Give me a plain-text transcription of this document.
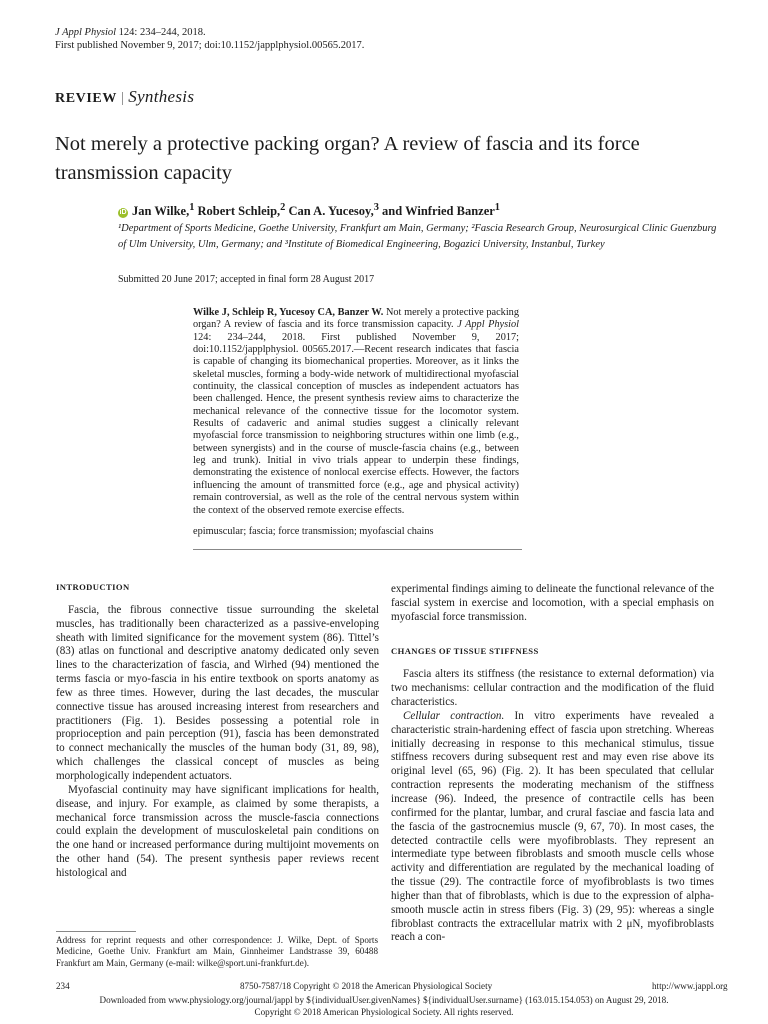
J Appl Physiol 124: 234–244, 2018.
First published November 9, 2017; doi:10.1152/japplphysiol.00565.2017.
REVIEW | Synthesis
Not merely a protective packing organ? A review of fascia and its force transmission capacity
iD Jan Wilke,$^1$ Robert Schleip,$^2$ Can A. Yucesoy,$^3$ and Winfried Banzer$^1$
¹Department of Sports Medicine, Goethe University, Frankfurt am Main, Germany; ²Fascia Research Group, Neurosurgical Clinic Guenzburg of Ulm University, Ulm, Germany; and ³Institute of Biomedical Engineering, Bogazici University, Instanbul, Turkey
Submitted 20 June 2017; accepted in final form 28 August 2017
Wilke J, Schleip R, Yucesoy CA, Banzer W. Not merely a protective packing organ? A review of fascia and its force transmission capacity. J Appl Physiol 124: 234–244, 2018. First published November 9, 2017; doi:10.1152/japplphysiol. 00565.2017.—Recent research indicates that fascia is capable of changing its biomechanical properties. Moreover, as it links the skeletal muscles, forming a body-wide network of multidirectional myofascial continuity, the classical conception of muscles as independent actuators has been challenged. Hence, the present synthesis review aims to characterize the mechanical relevance of the connective tissue for the locomotor system. Results of cadaveric and animal studies suggest a clinically relevant myofascial force transmission to neighboring structures within one limb (e.g., between synergists) and in the course of muscle-fascia chains (e.g., between leg and trunk). Initial in vivo trials appear to underpin these findings, demonstrating the existence of nonlocal exercise effects. However, the factors influencing the amount of transmitted force (e.g., age and physical activity) remain controversial, as well as the role of the central nervous system within the context of the observed remote exercise effects.
epimuscular; fascia; force transmission; myofascial chains

INTRODUCTION

Fascia, the fibrous connective tissue surrounding the skeletal muscles, has traditionally been characterized as a passive-enveloping sheath with limited significance for the movement system (86). Tittel’s (83) atlas on functional and descriptive anatomy dedicated only seven lines to the characterization of fascia, and Wirhed (94) mentioned the terms fascia or myo-fascia in his entire textbook on sports anatomy as few as three times. However, during the last decades, the muscular connective tissue has aroused increasing interest from researchers and practitioners (Fig. 1). Besides possessing a potential role in proprioception and pain perception (91), fascia has been demonstrated to connect mechanically the muscles of the human body (31, 89, 98), which challenges the classical concept of muscles as being morphologically independent actuators.

Myofascial continuity may have significant implications for health, disease, and injury. For example, as claimed by some therapists, a mechanical force transmission across the muscle-fascia connections could explain the development of musculoskeletal pain conditions on the one hand or increased performance during multijoint movements on the other hand (54). The present synthesis paper reviews recent histological and

experimental findings aiming to delineate the functional relevance of the fascial system in exercise and locomotion, with a special emphasis on myofascial force transmission.

CHANGES OF TISSUE STIFFNESS

Fascia alters its stiffness (the resistance to external deformation) via two mechanisms: cellular contraction and the modification of the fluid characteristics.

Cellular contraction. In vitro experiments have revealed a characteristic strain-hardening effect of fascia upon stretching. Whereas initially decreasing in response to this mechanical stimulus, tissue stiffness recovers during subsequent rest and may even rise above its original level (65, 96) (Fig. 2). It has been speculated that cellular contraction represents the moderating mechanism of the stiffness increase (96). Indeed, the presence of contractile cells has been confirmed for the plantar, lumbar, and crural fasciae and fascia lata and the fascia of the gastrocnemius muscle (9, 67, 70). In most cases, the detected contractile cells were myofibroblasts. They represent an intermediate type between fibroblasts and smooth muscle cells whose activity and differentiation are regulated by the mechanical loading of the tissue (29). The contractile force of myofibroblasts is two times higher than that of fibroblasts, which is due to the expression of alpha-smooth muscle actin in stress fibers (Fig. 3) (29, 95): whereas a single fibroblast contracts the extracellular matrix with 2 μN, myofibroblasts reach a con-

Address for reprint requests and other correspondence: J. Wilke, Dept. of Sports Medicine, Goethe Univ. Frankfurt am Main, Ginnheimer Landstrasse 39, 60488 Frankfurt am Main, Germany (e-mail: wilke@sport.uni-frankfurt.de).
234	8750-7587/18 Copyright © 2018 the American Physiological Society	http://www.jappl.org
Downloaded from www.physiology.org/journal/jappl by ${individualUser.givenNames} ${individualUser.surname} (163.015.154.053) on August 29, 2018.
Copyright © 2018 American Physiological Society. All rights reserved.
